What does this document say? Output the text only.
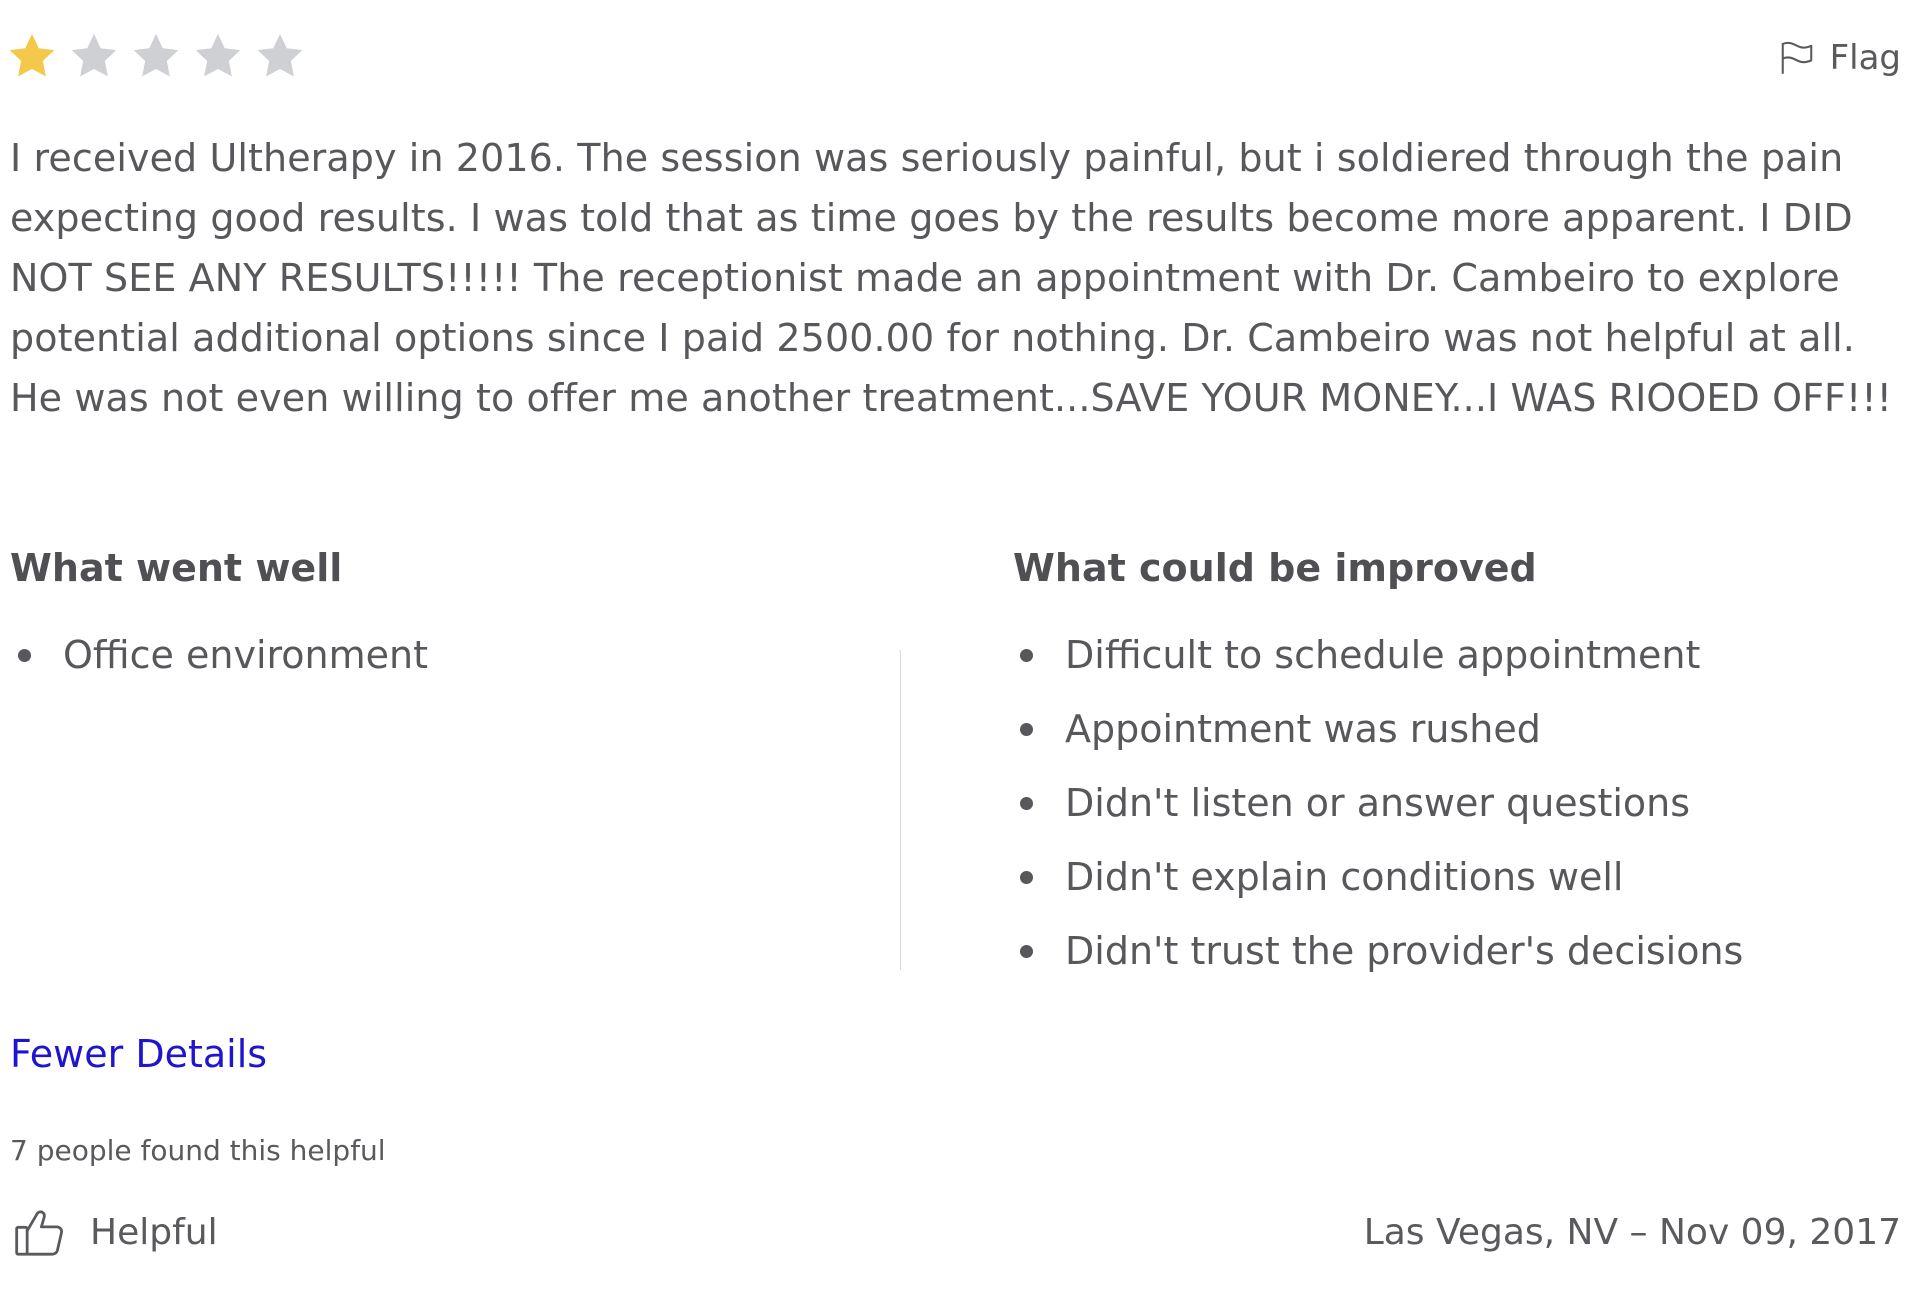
Flag

I received Ultherapy in 2016. The session was seriously painful, but i soldiered through the pain expecting good results. I was told that as time goes by the results become more apparent. I DID NOT SEE ANY RESULTS!!!!! The receptionist made an appointment with Dr. Cambeiro to explore potential additional options since I paid 2500.00 for nothing. Dr. Cambeiro was not helpful at all. He was not even willing to offer me another treatment...SAVE YOUR MONEY...I WAS RIOOED OFF!!!

What went well
Office environment
What could be improved
Difficult to schedule appointment
Appointment was rushed
Didn't listen or answer questions
Didn't explain conditions well
Didn't trust the provider's decisions
Fewer Details
7 people found this helpful
Helpful	Las Vegas, NV – Nov 09, 2017
